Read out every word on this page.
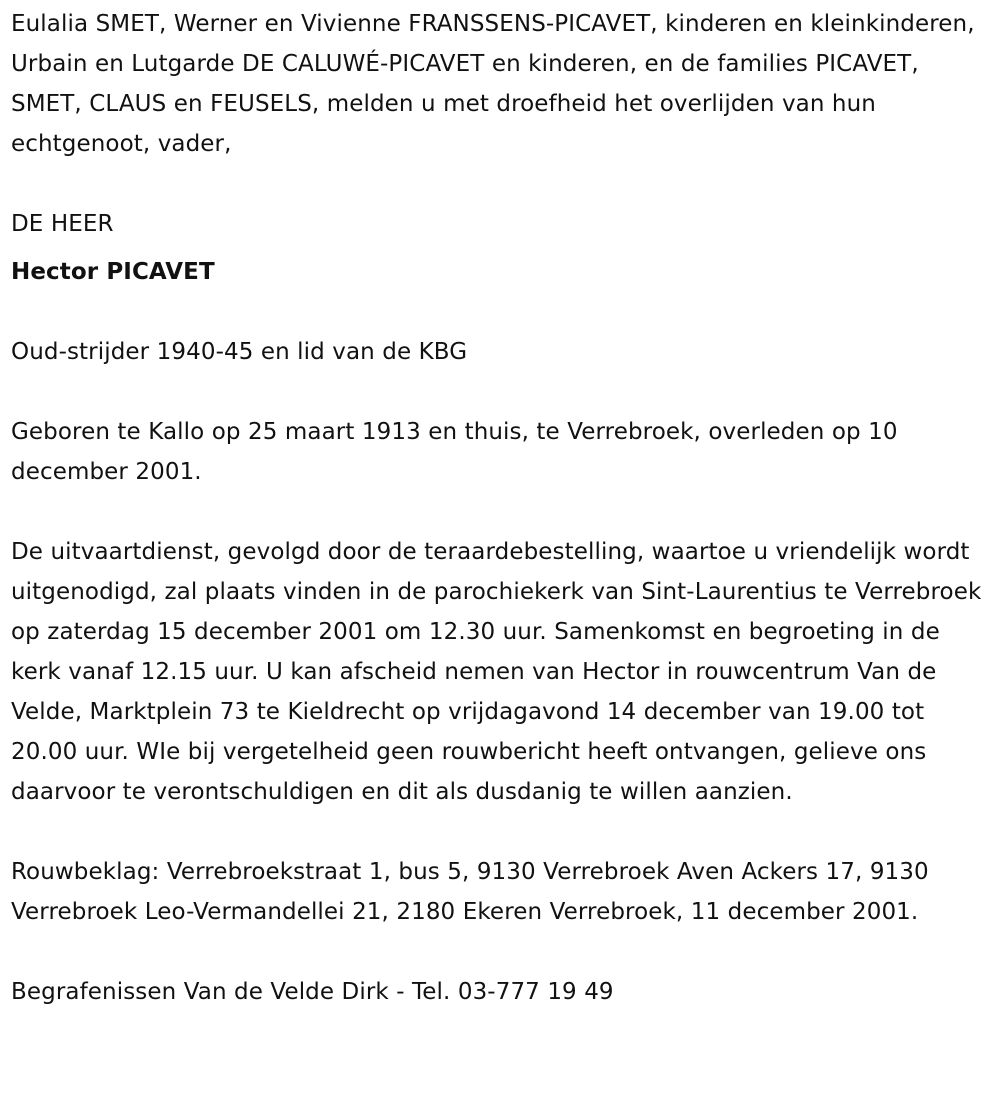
Eulalia SMET, Werner en Vivienne FRANSSENS-PICAVET, kinderen en kleinkinderen, Urbain en Lutgarde DE CALUWÉ-PICAVET en kinderen, en de families PICAVET, SMET, CLAUS en FEUSELS, melden u met droefheid het overlijden van hun echtgenoot, vader,

DE HEER

Hector PICAVET

Oud-strijder 1940-45 en lid van de KBG

Geboren te Kallo op 25 maart 1913 en thuis, te Verrebroek, overleden op 10 december 2001.

De uitvaartdienst, gevolgd door de teraardebestelling, waartoe u vriendelijk wordt uitgenodigd, zal plaats vinden in de parochiekerk van Sint-Laurentius te Verrebroek op zaterdag 15 december 2001 om 12.30 uur. Samenkomst en begroeting in de kerk vanaf 12.15 uur. U kan afscheid nemen van Hector in rouwcentrum Van de Velde, Marktplein 73 te Kieldrecht op vrijdagavond 14 december van 19.00 tot 20.00 uur. WIe bij vergetelheid geen rouwbericht heeft ontvangen, gelieve ons daarvoor te verontschuldigen en dit als dusdanig te willen aanzien.

Rouwbeklag: Verrebroekstraat 1, bus 5, 9130 Verrebroek Aven Ackers 17, 9130 Verrebroek Leo-Vermandellei 21, 2180 Ekeren Verrebroek, 11 december 2001.

Begrafenissen Van de Velde Dirk - Tel. 03-777 19 49
